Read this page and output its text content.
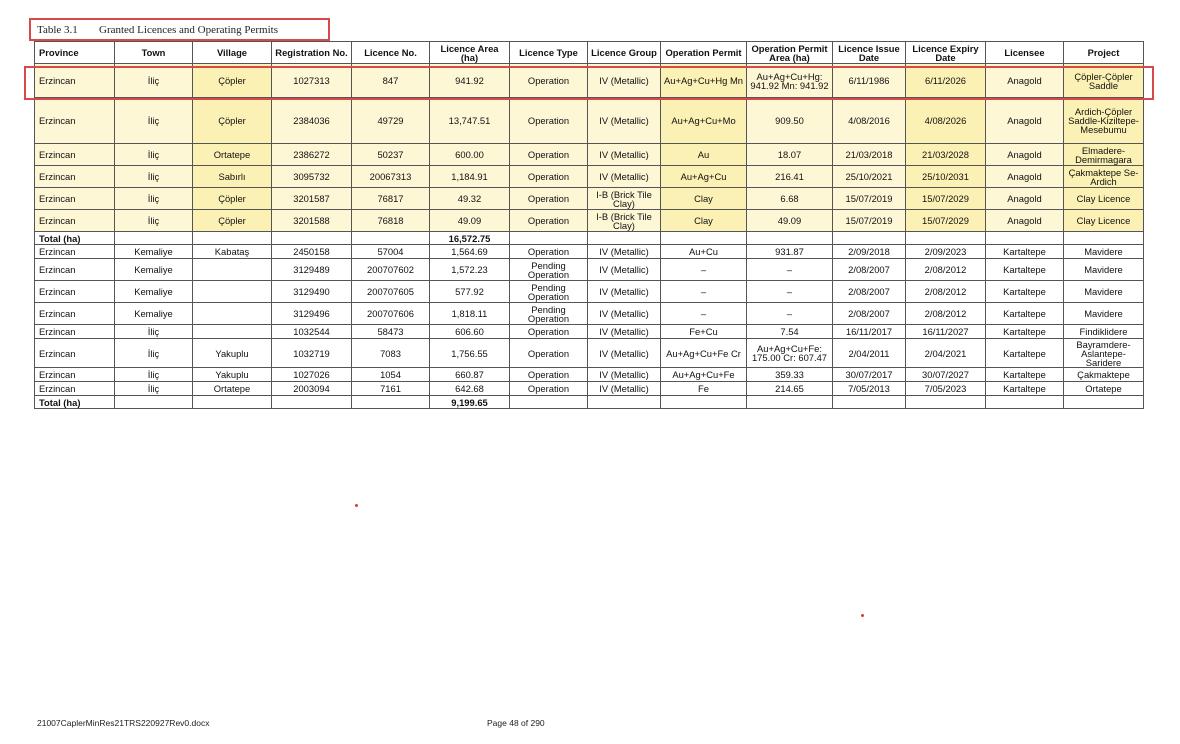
Table 3.1	Granted Licences and Operating Permits
Province	Town	Village	Registration No.	Licence No.	Licence Area (ha)	Licence Type	Licence Group	Operation Permit	Operation Permit Area (ha)	Licence Issue Date	Licence Expiry Date	Licensee	Project
Erzincan	İliç	Çöpler	1027313	847	941.92	Operation	IV (Metallic)	Au+Ag+Cu+Hg Mn	Au+Ag+Cu+Hg: 941.92 Mn: 941.92	6/11/1986	6/11/2026	Anagold	Çöpler-Çöpler Saddle
Erzincan	İliç	Çöpler	2384036	49729	13,747.51	Operation	IV (Metallic)	Au+Ag+Cu+Mo	909.50	4/08/2016	4/08/2026	Anagold	Ardich-Çöpler Saddle-Kiziltepe-Mesebumu
Erzincan	İliç	Ortatepe	2386272	50237	600.00	Operation	IV (Metallic)	Au	18.07	21/03/2018	21/03/2028	Anagold	Elmadere-Demirmagara
Erzincan	İliç	Sabırlı	3095732	20067313	1,184.91	Operation	IV (Metallic)	Au+Ag+Cu	216.41	25/10/2021	25/10/2031	Anagold	Çakmaktepe Se-Ardich
Erzincan	İliç	Çöpler	3201587	76817	49.32	Operation	I-B (Brick Tile Clay)	Clay	6.68	15/07/2019	15/07/2029	Anagold	Clay Licence
Erzincan	İliç	Çöpler	3201588	76818	49.09	Operation	I-B (Brick Tile Clay)	Clay	49.09	15/07/2019	15/07/2029	Anagold	Clay Licence
Total (ha)					16,572.75								
Erzincan	Kemaliye	Kabataş	2450158	57004	1,564.69	Operation	IV (Metallic)	Au+Cu	931.87	2/09/2018	2/09/2023	Kartaltepe	Mavidere
Erzincan	Kemaliye		3129489	200707602	1,572.23	Pending Operation	IV (Metallic)	–	–	2/08/2007	2/08/2012	Kartaltepe	Mavidere
Erzincan	Kemaliye		3129490	200707605	577.92	Pending Operation	IV (Metallic)	–	–	2/08/2007	2/08/2012	Kartaltepe	Mavidere
Erzincan	Kemaliye		3129496	200707606	1,818.11	Pending Operation	IV (Metallic)	–	–	2/08/2007	2/08/2012	Kartaltepe	Mavidere
Erzincan	İliç		1032544	58473	606.60	Operation	IV (Metallic)	Fe+Cu	7.54	16/11/2017	16/11/2027	Kartaltepe	Findiklidere
Erzincan	İliç	Yakuplu	1032719	7083	1,756.55	Operation	IV (Metallic)	Au+Ag+Cu+Fe Cr	Au+Ag+Cu+Fe: 175.00 Cr: 607.47	2/04/2011	2/04/2021	Kartaltepe	Bayramdere-Aslantepe-Saridere
Erzincan	İliç	Yakuplu	1027026	1054	660.87	Operation	IV (Metallic)	Au+Ag+Cu+Fe	359.33	30/07/2017	30/07/2027	Kartaltepe	Çakmaktepe
Erzincan	İliç	Ortatepe	2003094	7161	642.68	Operation	IV (Metallic)	Fe	214.65	7/05/2013	7/05/2023	Kartaltepe	Ortatepe
Total (ha)					9,199.65								
21007CaplerMinRes21TRS220927Rev0.docx	Page 48 of 290
